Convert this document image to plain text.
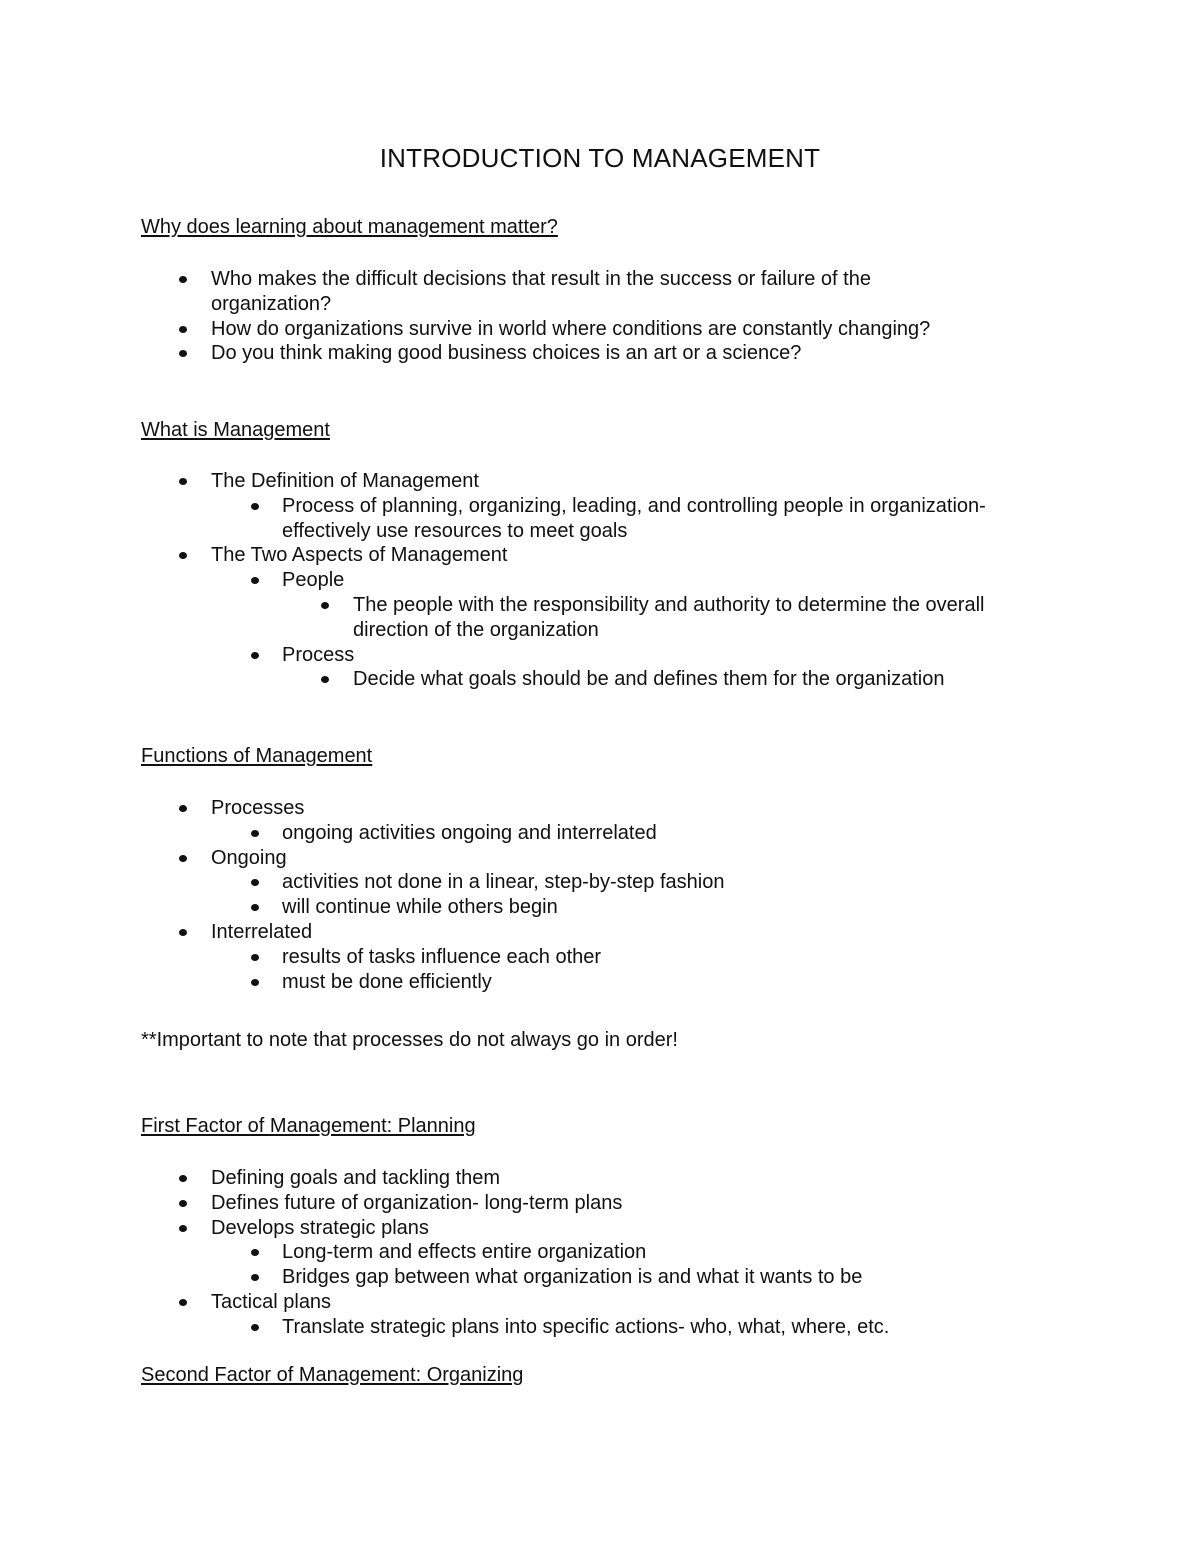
INTRODUCTION TO MANAGEMENT
Why does learning about management matter?
Who makes the difficult decisions that result in the success or failure of the organization?
How do organizations survive in world where conditions are constantly changing?
Do you think making good business choices is an art or a science?
What is Management
The Definition of Management
Process of planning, organizing, leading, and controlling people in organization- effectively use resources to meet goals
The Two Aspects of Management
People
The people with the responsibility and authority to determine the overall direction of the organization
Process
Decide what goals should be and defines them for the organization
Functions of Management
Processes
ongoing activities ongoing and interrelated
Ongoing
activities not done in a linear, step-by-step fashion
will continue while others begin
Interrelated
results of tasks influence each other
must be done efficiently
**Important to note that processes do not always go in order!
First Factor of Management: Planning
Defining goals and tackling them
Defines future of organization- long-term plans
Develops strategic plans
Long-term and effects entire organization
Bridges gap between what organization is and what it wants to be
Tactical plans
Translate strategic plans into specific actions- who, what, where, etc.
Second Factor of Management: Organizing
